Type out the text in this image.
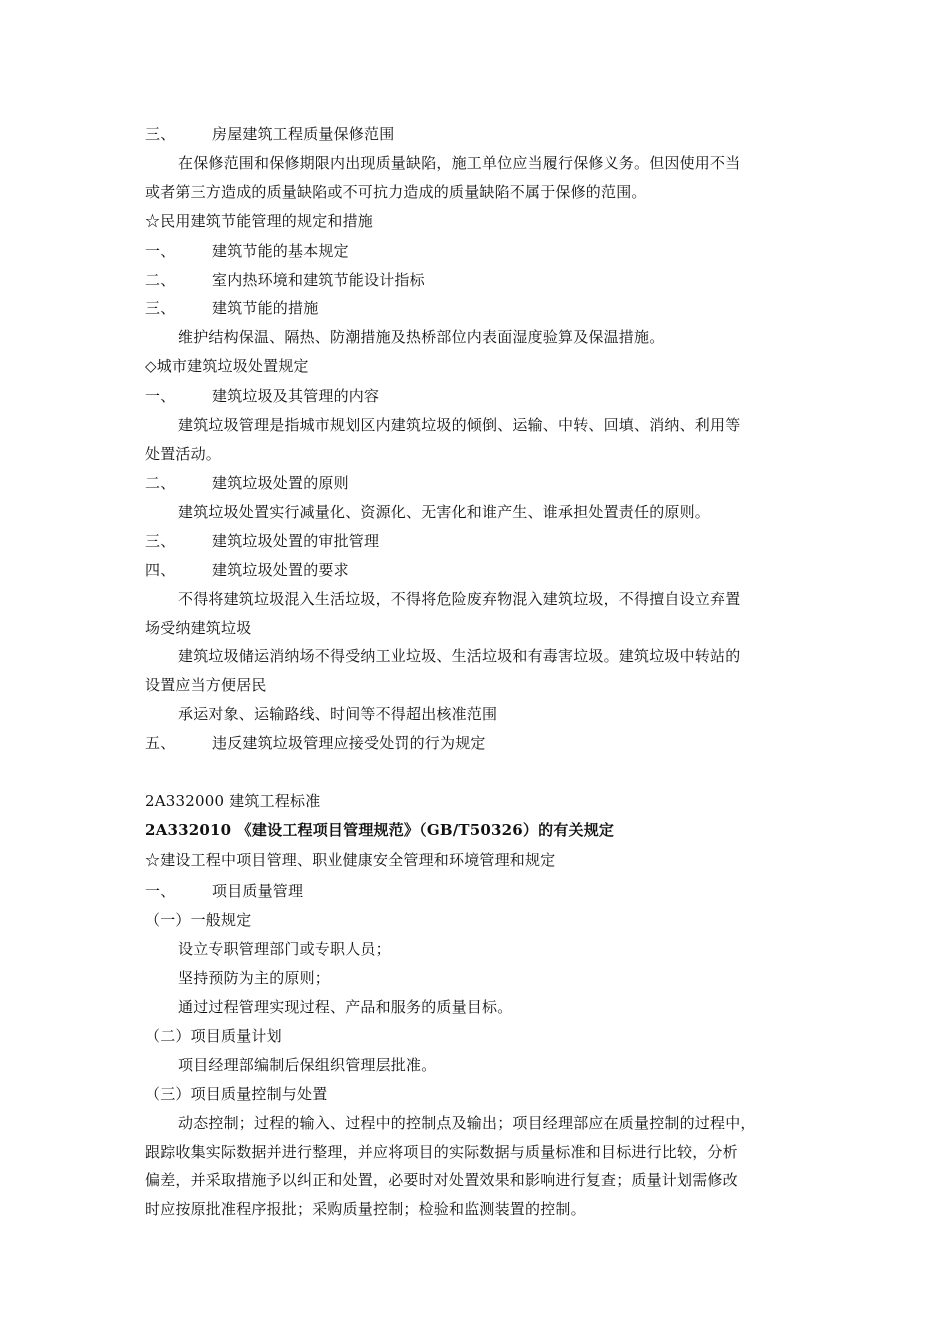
三、 房屋建筑工程质量保修范围
在保修范围和保修期限内出现质量缺陷，施工单位应当履行保修义务。但因使用不当
或者第三方造成的质量缺陷或不可抗力造成的质量缺陷不属于保修的范围。
☆民用建筑节能管理的规定和措施
一、 建筑节能的基本规定
二、 室内热环境和建筑节能设计指标
三、 建筑节能的措施
维护结构保温、隔热、防潮措施及热桥部位内表面湿度验算及保温措施。
◇城市建筑垃圾处置规定
一、 建筑垃圾及其管理的内容
建筑垃圾管理是指城市规划区内建筑垃圾的倾倒、运输、中转、回填、消纳、利用等
处置活动。
二、 建筑垃圾处置的原则
建筑垃圾处置实行减量化、资源化、无害化和谁产生、谁承担处置责任的原则。
三、 建筑垃圾处置的审批管理
四、 建筑垃圾处置的要求
不得将建筑垃圾混入生活垃圾，不得将危险废弃物混入建筑垃圾，不得擅自设立弃置
场受纳建筑垃圾
建筑垃圾储运消纳场不得受纳工业垃圾、生活垃圾和有毒害垃圾。建筑垃圾中转站的
设置应当方便居民
承运对象、运输路线、时间等不得超出核准范围
五、 违反建筑垃圾管理应接受处罚的行为规定
2A332000 建筑工程标准
2A332010 《建设工程项目管理规范》（GB/T50326）的有关规定
☆建设工程中项目管理、职业健康安全管理和环境管理和规定
一、 项目质量管理
（一）一般规定
设立专职管理部门或专职人员；
坚持预防为主的原则；
通过过程管理实现过程、产品和服务的质量目标。
（二）项目质量计划
项目经理部编制后保组织管理层批准。
（三）项目质量控制与处置
动态控制；过程的输入、过程中的控制点及输出；项目经理部应在质量控制的过程中，
跟踪收集实际数据并进行整理，并应将项目的实际数据与质量标准和目标进行比较，分析
偏差，并采取措施予以纠正和处置，必要时对处置效果和影响进行复查；质量计划需修改
时应按原批准程序报批；采购质量控制；检验和监测装置的控制。
